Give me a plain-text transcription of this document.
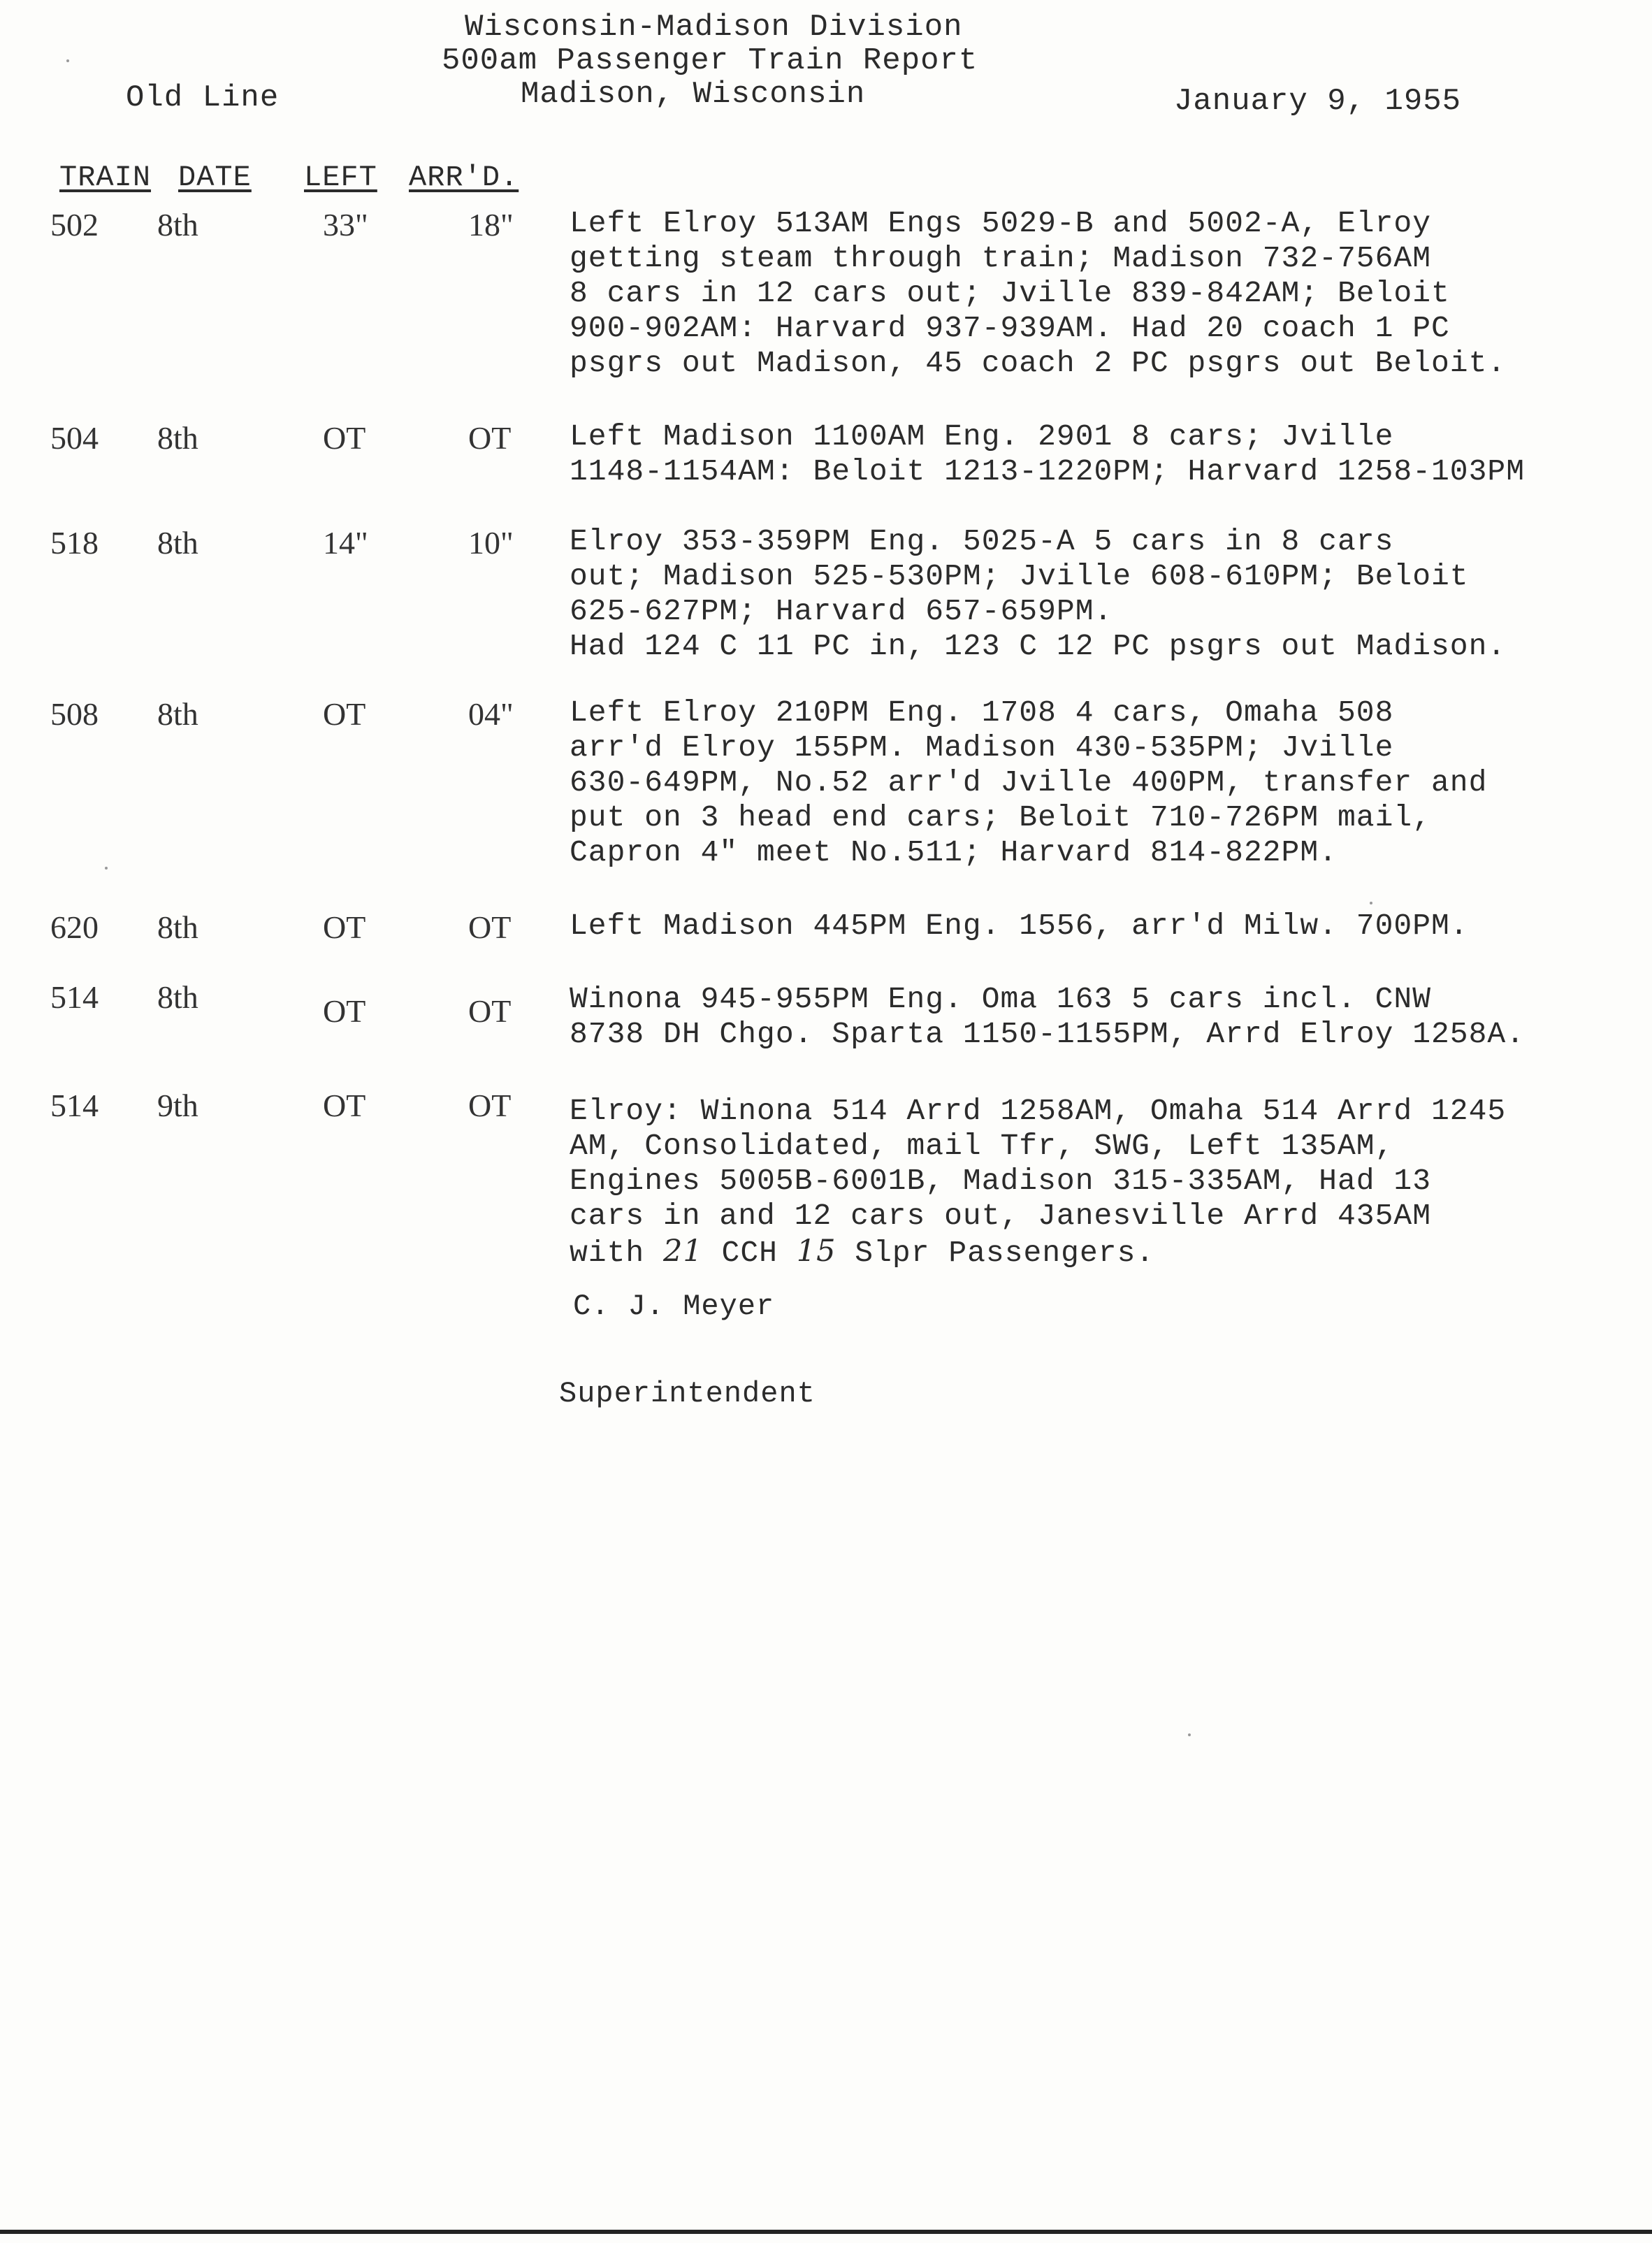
Wisconsin-Madison Division
500am Passenger Train Report
Madison, Wisconsin
Old Line	January 9, 1955
TRAIN DATE LEFT ARR'D.
502 8th	33"	18" Left Elroy 513AM Engs 5029-B and 5002-A, Elroy
getting steam through train; Madison 732-756AM
8 cars in 12 cars out; Jville 839-842AM; Beloit
900-902AM: Harvard 937-939AM. Had 20 coach 1 PC
psgrs out Madison, 45 coach 2 PC psgrs out Beloit.
504 8th	OT	OT Left Madison 1100AM Eng. 2901 8 cars; Jville
1148-1154AM: Beloit 1213-1220PM; Harvard 1258-103PM
518 8th	14"	10" Elroy 353-359PM Eng. 5025-A 5 cars in 8 cars
out; Madison 525-530PM; Jville 608-610PM; Beloit
625-627PM; Harvard 657-659PM.
Had 124 C 11 PC in, 123 C 12 PC psgrs out Madison.
508 8th	OT	04" Left Elroy 210PM Eng. 1708 4 cars, Omaha 508
arr'd Elroy 155PM. Madison 430-535PM; Jville
630-649PM, No.52 arr'd Jville 400PM, transfer and
put on 3 head end cars; Beloit 710-726PM mail,
Capron 4" meet No.511; Harvard 814-822PM.
620 8th	OT	OT Left Madison 445PM Eng. 1556, arr'd Milw. 700PM.
514 8th	OT	OT Winona 945-955PM Eng. Oma 163 5 cars incl. CNW
8738 DH Chgo. Sparta 1150-1155PM, Arrd Elroy 1258A.
514 9th	OT	OT Elroy: Winona 514 Arrd 1258AM, Omaha 514 Arrd 1245
AM, Consolidated, mail Tfr, SWG, Left 135AM,
Engines 5005B-6001B, Madison 315-335AM, Had 13
cars in and 12 cars out, Janesville Arrd 435AM
with 21 CCH 15 Slpr Passengers.
C. J. Meyer
Superintendent
